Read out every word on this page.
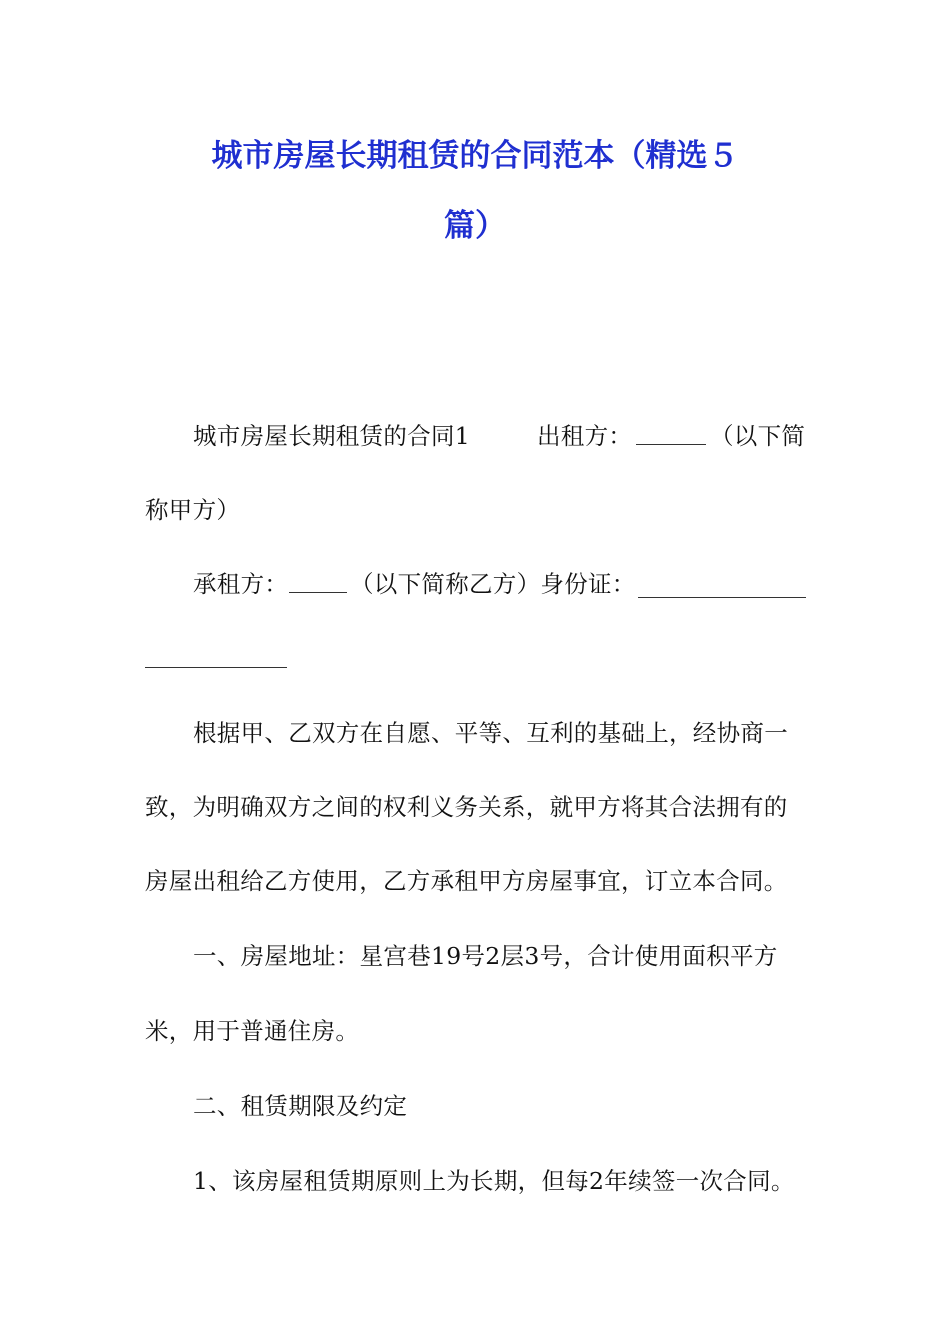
城市房屋长期租赁的合同范本（精选５
篇）
城市房屋长期租赁的合同1	出租方：	（以下简
称甲方）
承租方：	（以下简称乙方）身份证：
根据甲、乙双方在自愿、平等、互利的基础上，经协商一
致，为明确双方之间的权利义务关系，就甲方将其合法拥有的
房屋出租给乙方使用，乙方承租甲方房屋事宜，订立本合同。
一、房屋地址：星宫巷19号2层3号，合计使用面积平方
米，用于普通住房。
二、租赁期限及约定
1、该房屋租赁期原则上为长期，但每2年续签一次合同。
